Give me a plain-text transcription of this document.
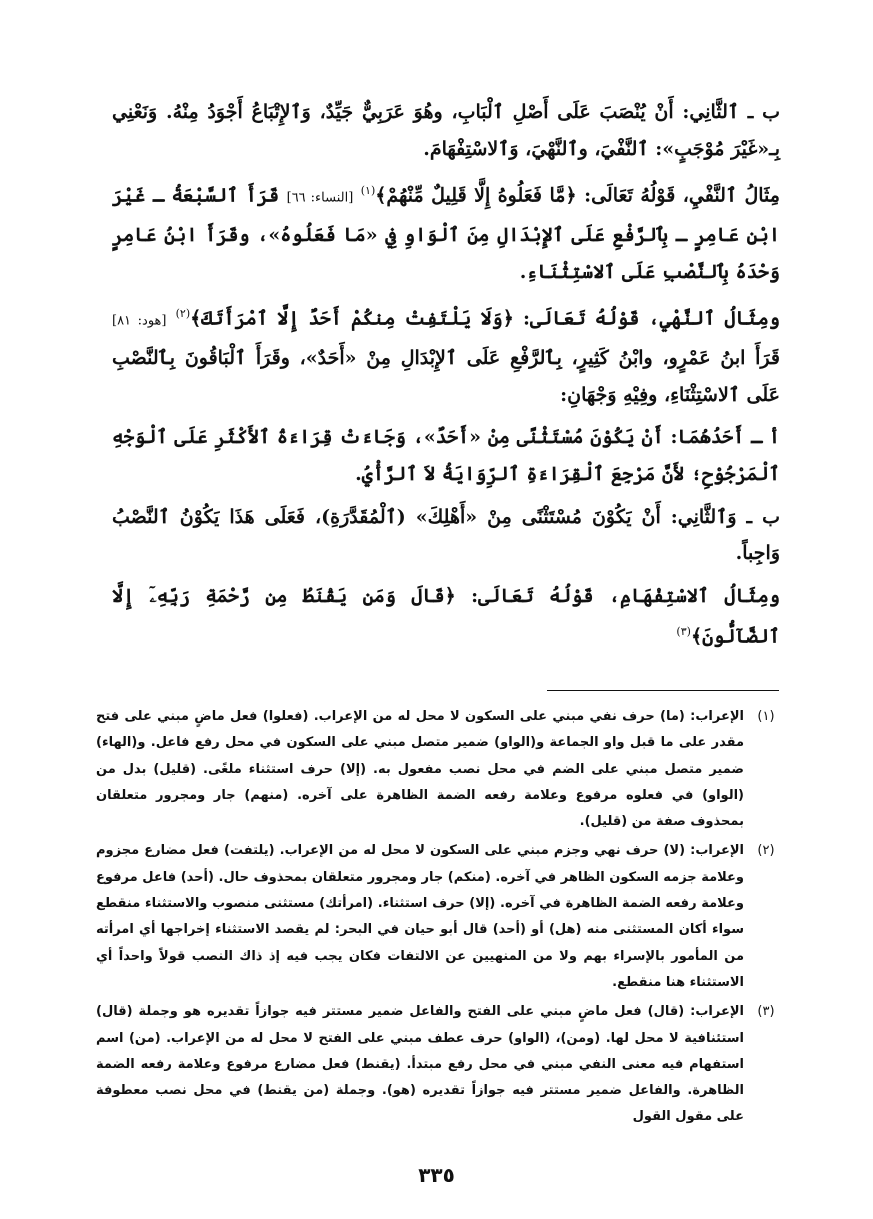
ب ـ ٱلثَّانِي: أَنْ يُنْصَبَ عَلَى أَصْلِ ٱلْبَابِ، وهُوَ عَرَبِيٌّ جَيِّدٌ، وَٱلإِتْبَاعُ أَجْوَدُ مِنْهُ. وَنَعْنِي بِـ«غَيْرَ مُوْجَبٍ»: ٱلنَّفْيَ، وٱلنَّهْيَ، وَٱلاسْتِفْهَامَ.

مِثَالُ ٱلنَّفْيِ، قَوْلُهُ تَعَالَى: ﴿مَّا فَعَلُوهُ إِلَّا قَلِيلٌ مِّنْهُمْ﴾$^{(١)}$ [النساء: ٦٦] قَرَأَ ٱلسَّبْعَةُ ـ غَيْرَ ابْنِ عَامِرٍ ـ بِٱلرَّفْعِ عَلَى ٱلإِبْدَالِ مِنَ ٱلْوَاوِ فِي «مَا فَعَلُوهُ»، وقَرَأَ ابْنُ عَامِرٍ وَحْدَهُ بِٱلنَّصْبِ عَلَى ٱلاسْتِثْنَاءِ.

ومِثَالُ ٱلنَّهْيِ، قَوْلُهُ تَعَالَى: ﴿وَلَا يَلْتَفِتْ مِنكُمْ أَحَدٌ إِلَّا ٱمْرَأَتَكَ﴾$^{(٢)}$ [هود: ٨١] قَرَأَ ابنُ عَمْرٍو، وابْنُ كَثِيرٍ، بِٱلرَّفْعِ عَلَى ٱلإِبْدَالِ مِنْ «أَحَدٌ»، وقَرَأَ ٱلْبَاقُونَ بِٱلنَّصْبِ عَلَى ٱلاسْتِثْنَاءِ، وفِيْهِ وَجْهَانِ:

أ ـ أَحَدُهُمَا: أَنْ يَكُوْنَ مُسْتَثْنًى مِنْ «أَحَدٌ»، وَجَاءَتْ قِرَاءَةُ ٱلأَكْثَرِ عَلَى ٱلْوَجْهِ ٱلْمَرْجُوْحِ؛ لأَنَّ مَرْجِعَ ٱلْقِرَاءَةِ ٱلرِّوَايَةُ لاَ ٱلرَّأْيُ.

ب ـ وَٱلثَّانِي: أَنْ يَكُوْنَ مُسْتَثْنًى مِنْ «أَهْلِكَ» (ٱلْمُقَدَّرَةِ)، فَعَلَى هَذَا يَكُوْنُ ٱلنَّصْبُ وَاجِباً.

ومِثَالُ ٱلاسْتِفْهَامِ، قَوْلُهُ تَعَالَى: ﴿قَالَ وَمَن يَقْنَطُ مِن رَّحْمَةِ رَبِّهِۦٓ إِلَّا ٱلضَّآلُّونَ﴾$^{(٣)}$

(١)
الإعراب: (ما) حرف نفي مبني على السكون لا محل له من الإعراب. (فعلوا) فعل ماضٍ مبني على فتح مقدر على ما قبل واو الجماعة و(الواو) ضمير متصل مبني على السكون في محل رفع فاعل. و(الهاء) ضمير متصل مبني على الضم في محل نصب مفعول به. (إلا) حرف استثناء ملغًى. (قليل) بدل من (الواو) في فعلوه مرفوع وعلامة رفعه الضمة الظاهرة على آخره. (منهم) جار ومجرور متعلقان بمحذوف صفة من (قليل).
(٢)
الإعراب: (لا) حرف نهي وجزم مبني على السكون لا محل له من الإعراب. (يلتفت) فعل مضارع مجزوم وعلامة جزمه السكون الظاهر في آخره. (منكم) جار ومجرور متعلقان بمحذوف حال. (أحد) فاعل مرفوع وعلامة رفعه الضمة الظاهرة في آخره. (إلا) حرف استثناء. (امرأتك) مستثنى منصوب والاستثناء منقطع سواء أكان المستثنى منه (هل) أو (أحد) قال أبو حيان في البحر: لم يقصد الاستثناء إخراجها أي امرأته من المأمور بالإسراء بهم ولا من المنهيين عن الالتفات فكان يجب فيه إذ ذاك النصب قولاً واحداً أي الاستثناء هنا منقطع.
(٣)
الإعراب: (قال) فعل ماضٍ مبني على الفتح والفاعل ضمير مستتر فيه جوازاً تقديره هو وجملة (قال) استئنافية لا محل لها. (ومن)، (الواو) حرف عطف مبني على الفتح لا محل له من الإعراب. (من) اسم استفهام فيه معنى النفي مبني في محل رفع مبتدأ. (يقنط) فعل مضارع مرفوع وعلامة رفعه الضمة الظاهرة. والفاعل ضمير مستتر فيه جوازاً تقديره (هو). وجملة (من يقنط) في محل نصب معطوفة على مقول القول
٣٣٥
